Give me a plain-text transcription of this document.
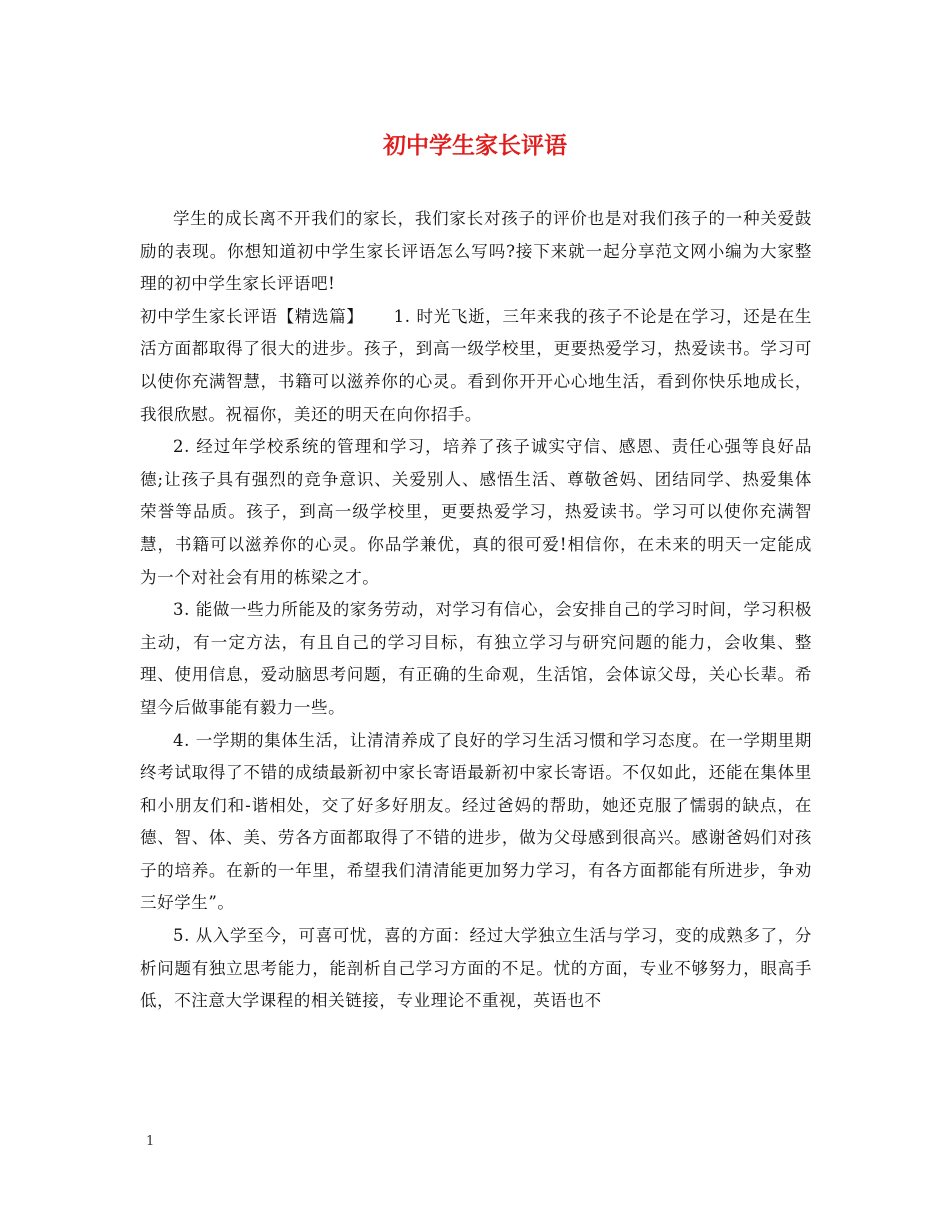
初中学生家长评语

学生的成长离不开我们的家长，我们家长对孩子的评价也是对我们孩子的一种关爱鼓励的表现。你想知道初中学生家长评语怎么写吗?接下来就一起分享范文网小编为大家整理的初中学生家长评语吧!

初中学生家长评语【精选篇】 1. 时光飞逝，三年来我的孩子不论是在学习，还是在生活方面都取得了很大的进步。孩子，到高一级学校里，更要热爱学习，热爱读书。学习可以使你充满智慧，书籍可以滋养你的心灵。看到你开开心心地生活，看到你快乐地成长，我很欣慰。祝福你，美还的明天在向你招手。

2. 经过年学校系统的管理和学习，培养了孩子诚实守信、感恩、责任心强等良好品德;让孩子具有强烈的竞争意识、关爱别人、感悟生活、尊敬爸妈、团结同学、热爱集体荣誉等品质。孩子，到高一级学校里，更要热爱学习，热爱读书。学习可以使你充满智慧，书籍可以滋养你的心灵。你品学兼优，真的很可爱!相信你，在未来的明天一定能成为一个对社会有用的栋梁之才。

3. 能做一些力所能及的家务劳动，对学习有信心，会安排自己的学习时间，学习积极主动，有一定方法，有且自己的学习目标，有独立学习与研究问题的能力，会收集、整理、使用信息，爱动脑思考问题，有正确的生命观，生活馆，会体谅父母，关心长辈。希望今后做事能有毅力一些。

4. 一学期的集体生活，让清清养成了良好的学习生活习惯和学习态度。在一学期里期终考试取得了不错的成绩最新初中家长寄语最新初中家长寄语。不仅如此，还能在集体里和小朋友们和-谐相处，交了好多好朋友。经过爸妈的帮助，她还克服了懦弱的缺点，在德、智、体、美、劳各方面都取得了不错的进步，做为父母感到很高兴。感谢爸妈们对孩子的培养。在新的一年里，希望我们清清能更加努力学习，有各方面都能有所进步，争劝三好学生”。

5. 从入学至今，可喜可忧，喜的方面：经过大学独立生活与学习，变的成熟多了，分析问题有独立思考能力，能剖析自己学习方面的不足。忧的方面，专业不够努力，眼高手低，不注意大学课程的相关链接，专业理论不重视，英语也不

1
